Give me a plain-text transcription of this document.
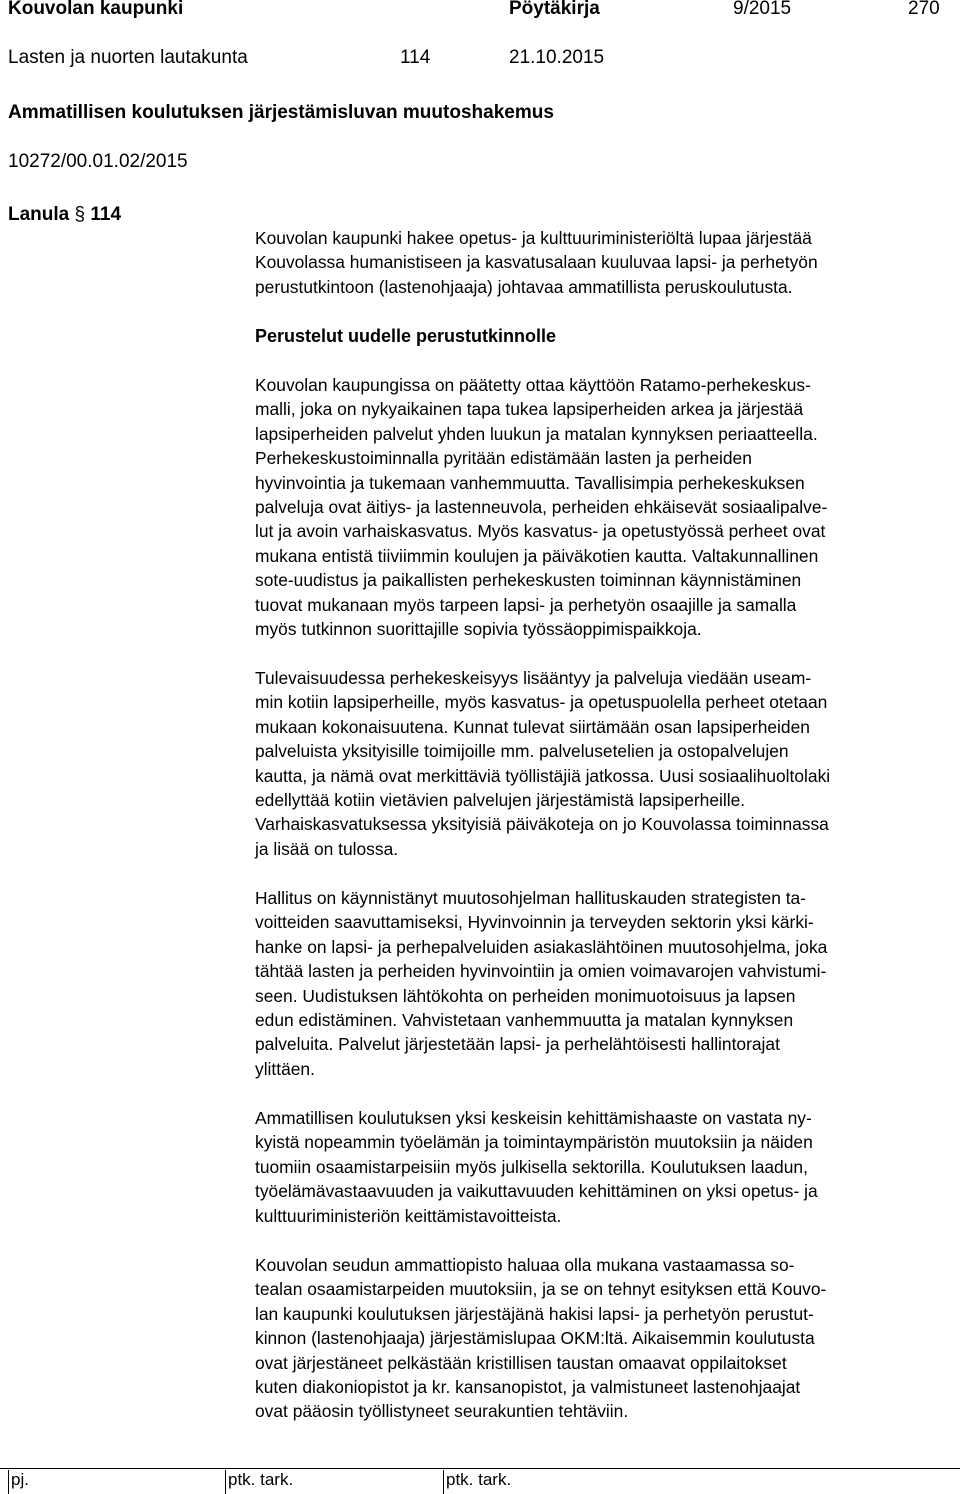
Kouvolan kaupunki	Pöytäkirja	9/2015	270
Lasten ja nuorten lautakunta	114	21.10.2015
Ammatillisen koulutuksen järjestämisluvan muutoshakemus
10272/00.01.02/2015
Lanula § 114

Kouvolan kaupunki hakee opetus- ja kulttuuriministeriöltä lupaa järjestää

Kouvolassa humanistiseen ja kasvatusalaan kuuluvaa lapsi- ja perhetyön

perustutkintoon (lastenohjaaja) johtavaa ammatillista peruskoulutusta.

Perustelut uudelle perustutkinnolle

Kouvolan kaupungissa on päätetty ottaa käyttöön Ratamo-perhekeskus-

malli, joka on nykyaikainen tapa tukea lapsiperheiden arkea ja järjestää

lapsiperheiden palvelut yhden luukun ja matalan kynnyksen periaatteella.

Perhekeskustoiminnalla pyritään edistämään lasten ja perheiden

hyvinvointia ja tukemaan vanhemmuutta. Tavallisimpia perhekeskuksen

palveluja ovat äitiys- ja lastenneuvola, perheiden ehkäisevät sosiaalipalve-

lut ja avoin varhaiskasvatus. Myös kasvatus- ja opetustyössä perheet ovat

mukana entistä tiiviimmin koulujen ja päiväkotien kautta. Valtakunnallinen

sote-uudistus ja paikallisten perhekeskusten toiminnan käynnistäminen

tuovat mukanaan myös tarpeen lapsi- ja perhetyön osaajille ja samalla

myös tutkinnon suorittajille sopivia työssäoppimispaikkoja.

Tulevaisuudessa perhekeskeisyys lisääntyy ja palveluja viedään useam-

min kotiin lapsiperheille, myös kasvatus- ja opetuspuolella perheet otetaan

mukaan kokonaisuutena. Kunnat tulevat siirtämään osan lapsiperheiden

palveluista yksityisille toimijoille mm. palvelusetelien ja ostopalvelujen

kautta, ja nämä ovat merkittäviä työllistäjiä jatkossa. Uusi sosiaalihuoltolaki

edellyttää kotiin vietävien palvelujen järjestämistä lapsiperheille.

Varhaiskasvatuksessa yksityisiä päiväkoteja on jo Kouvolassa toiminnassa

ja lisää on tulossa.

Hallitus on käynnistänyt muutosohjelman hallituskauden strategisten ta-

voitteiden saavuttamiseksi, Hyvinvoinnin ja terveyden sektorin yksi kärki-

hanke on lapsi- ja perhepalveluiden asiakaslähtöinen muutosohjelma, joka

tähtää lasten ja perheiden hyvinvointiin ja omien voimavarojen vahvistumi-

seen. Uudistuksen lähtökohta on perheiden monimuotoisuus ja lapsen

edun edistäminen. Vahvistetaan vanhemmuutta ja matalan kynnyksen

palveluita. Palvelut järjestetään lapsi- ja perhelähtöisesti hallintorajat

ylittäen.

Ammatillisen koulutuksen yksi keskeisin kehittämishaaste on vastata ny-

kyistä nopeammin työelämän ja toimintaympäristön muutoksiin ja näiden

tuomiin osaamistarpeisiin myös julkisella sektorilla. Koulutuksen laadun,

työelämävastaavuuden ja vaikuttavuuden kehittäminen on yksi opetus- ja

kulttuuriministeriön keittämistavoitteista.

Kouvolan seudun ammattiopisto haluaa olla mukana vastaamassa so-

tealan osaamistarpeiden muutoksiin, ja se on tehnyt esityksen että Kouvo-

lan kaupunki koulutuksen järjestäjänä hakisi lapsi- ja perhetyön perustut-

kinnon (lastenohjaaja) järjestämislupaa OKM:ltä. Aikaisemmin koulutusta

ovat järjestäneet pelkästään kristillisen taustan omaavat oppilaitokset

kuten diakoniopistot ja kr. kansanopistot, ja valmistuneet lastenohjaajat

ovat pääosin työllistyneet seurakuntien tehtäviin.

pj.	ptk. tark.	ptk. tark.
